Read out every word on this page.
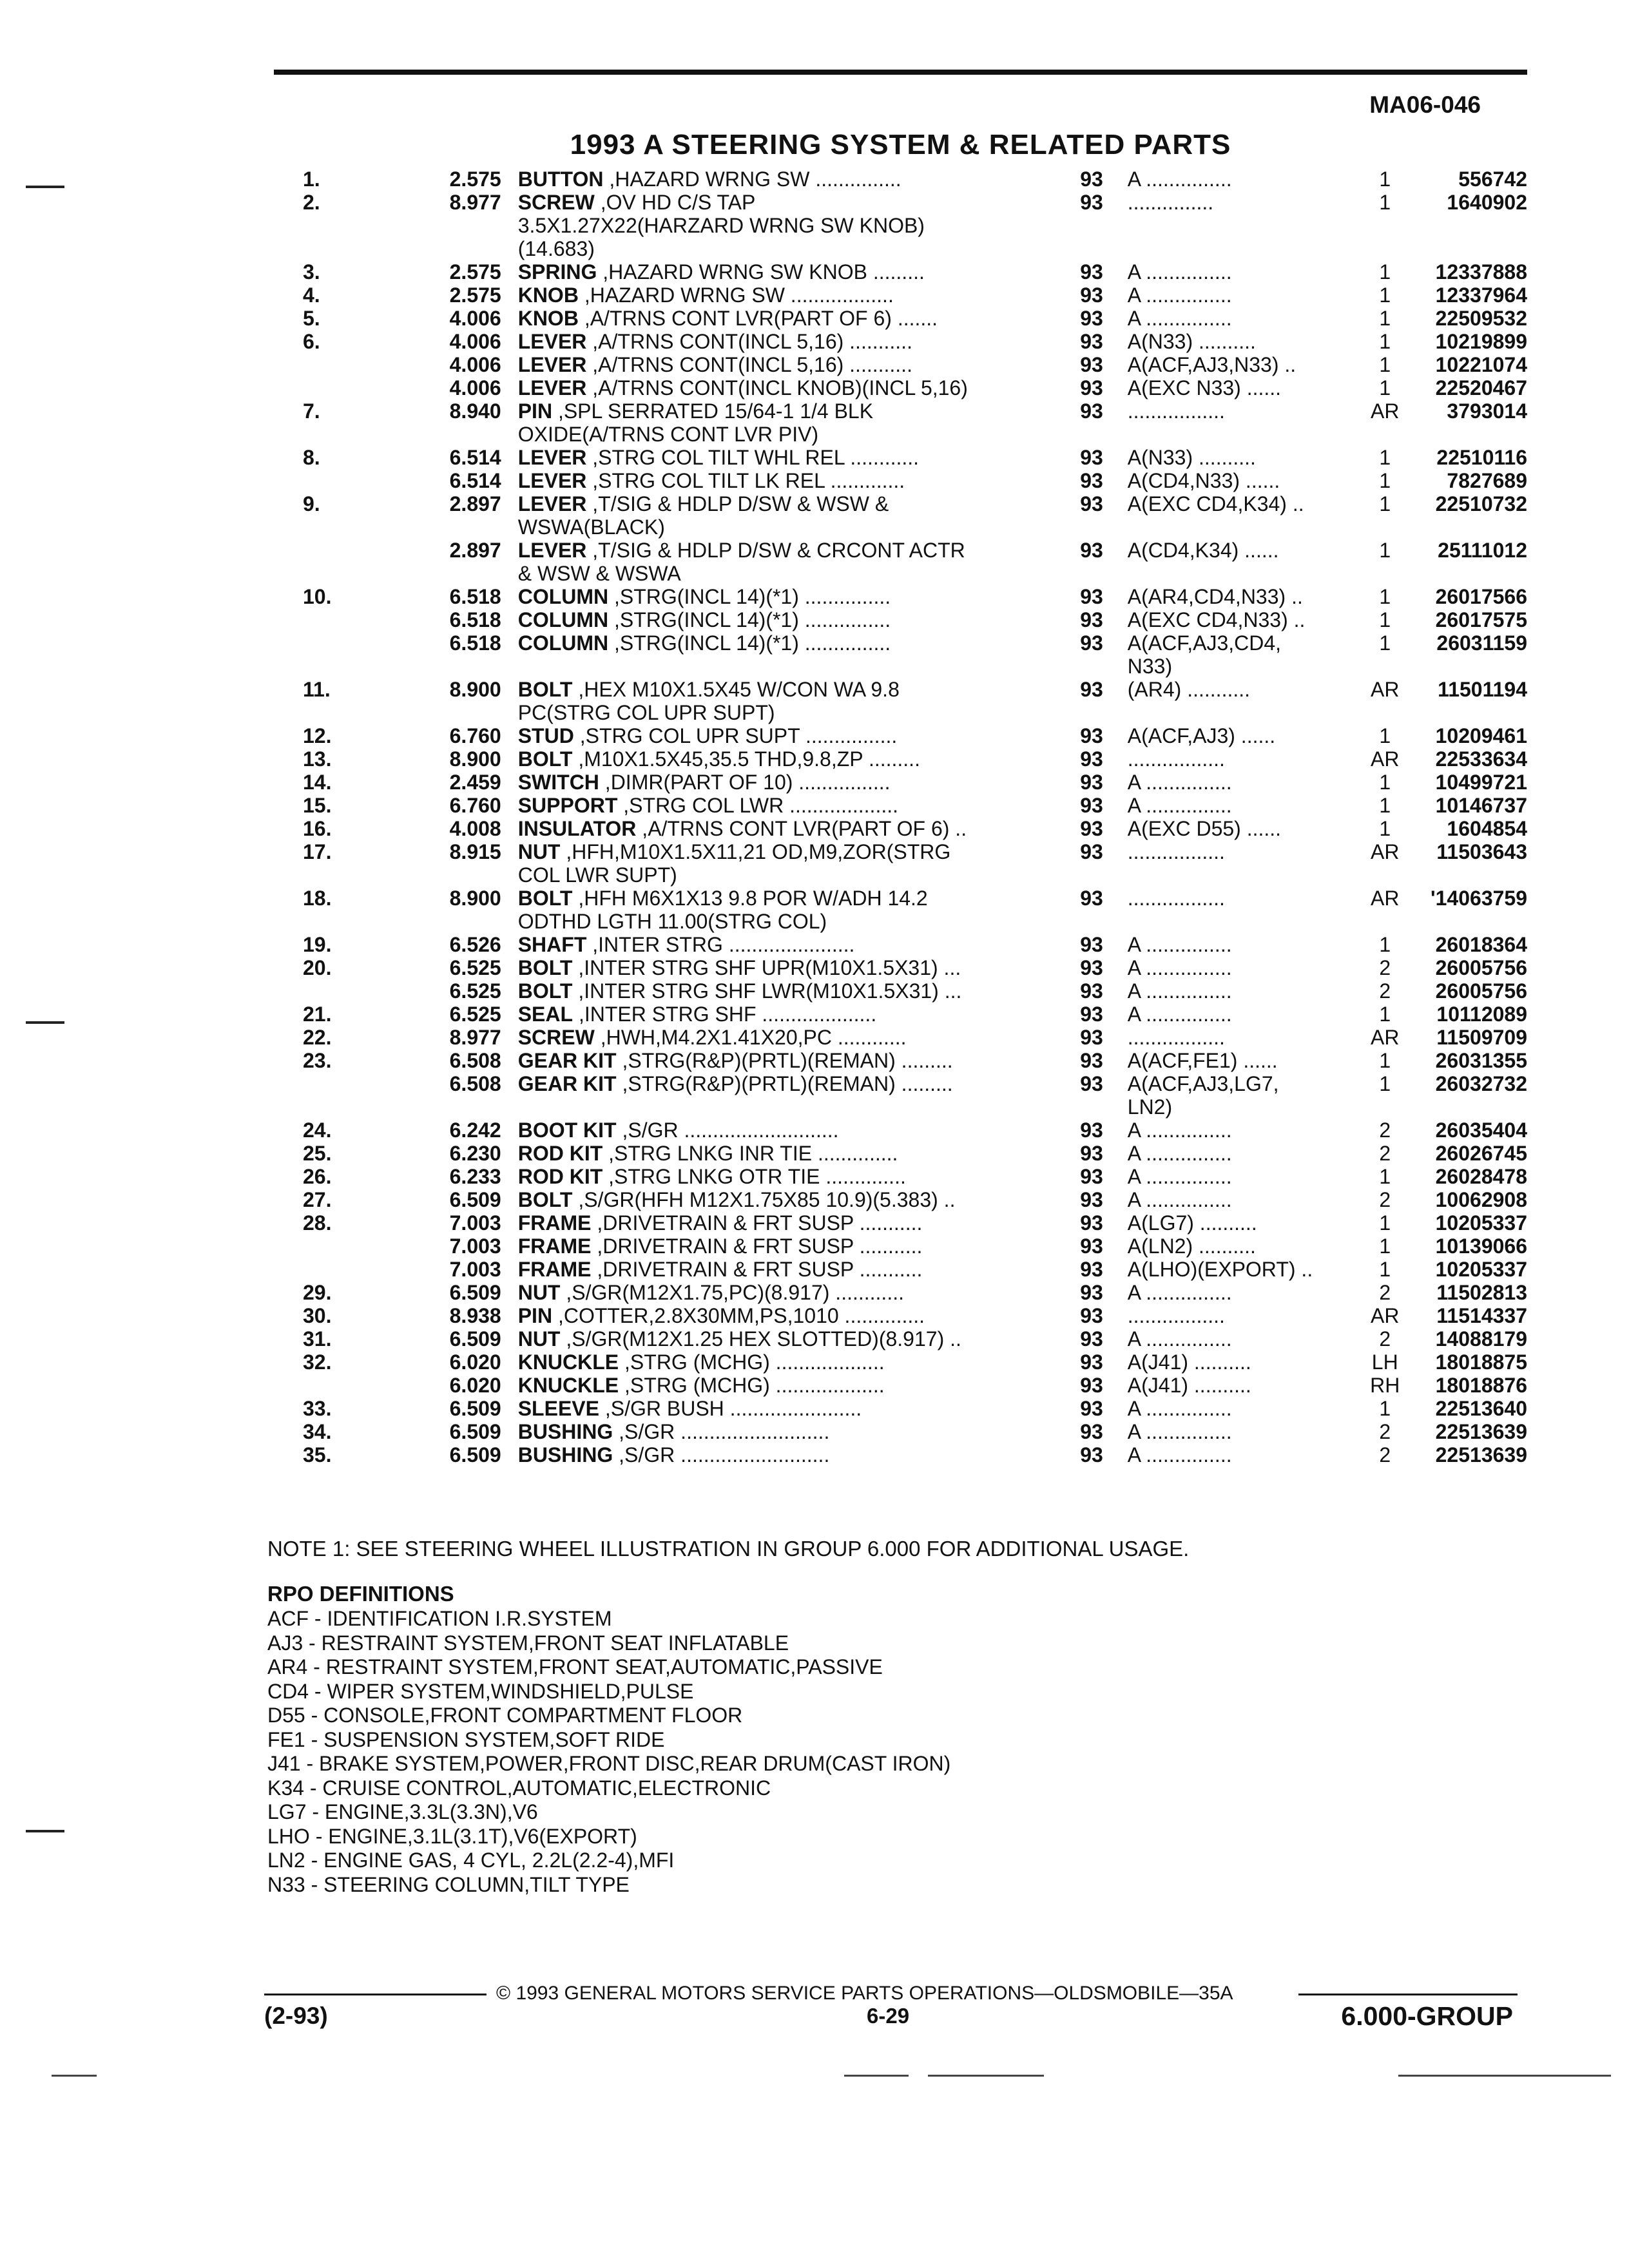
MA06-046
1993 A STEERING SYSTEM & RELATED PARTS
1.	2.575	BUTTON ,HAZARD WRNG SW ...............	93	A ...............	1	556742
2.	8.977	SCREW ,OV HD C/S TAP	93	...............	1	1640902
		3.5X1.27X22(HARZARD WRNG SW KNOB)				
		(14.683)				
3.	2.575	SPRING ,HAZARD WRNG SW KNOB .........	93	A ...............	1	12337888
4.	2.575	KNOB ,HAZARD WRNG SW ..................	93	A ...............	1	12337964
5.	4.006	KNOB ,A/TRNS CONT LVR(PART OF 6) .......	93	A ...............	1	22509532
6.	4.006	LEVER ,A/TRNS CONT(INCL 5,16) ...........	93	A(N33) ..........	1	10219899
	4.006	LEVER ,A/TRNS CONT(INCL 5,16) ...........	93	A(ACF,AJ3,N33) ..	1	10221074
	4.006	LEVER ,A/TRNS CONT(INCL KNOB)(INCL 5,16)	93	A(EXC N33) ......	1	22520467
7.	8.940	PIN ,SPL SERRATED 15/64-1 1/4 BLK	93	.................	AR	3793014
		OXIDE(A/TRNS CONT LVR PIV)				
8.	6.514	LEVER ,STRG COL TILT WHL REL ............	93	A(N33) ..........	1	22510116
	6.514	LEVER ,STRG COL TILT LK REL .............	93	A(CD4,N33) ......	1	7827689
9.	2.897	LEVER ,T/SIG & HDLP D/SW & WSW &	93	A(EXC CD4,K34) ..	1	22510732
		WSWA(BLACK)				
	2.897	LEVER ,T/SIG & HDLP D/SW & CRCONT ACTR	93	A(CD4,K34) ......	1	25111012
		& WSW & WSWA				
10.	6.518	COLUMN ,STRG(INCL 14)(*1) ...............	93	A(AR4,CD4,N33) ..	1	26017566
	6.518	COLUMN ,STRG(INCL 14)(*1) ...............	93	A(EXC CD4,N33) ..	1	26017575
	6.518	COLUMN ,STRG(INCL 14)(*1) ...............	93	A(ACF,AJ3,CD4,	1	26031159
				N33)		
11.	8.900	BOLT ,HEX M10X1.5X45 W/CON WA 9.8	93	(AR4) ...........	AR	11501194
		PC(STRG COL UPR SUPT)				
12.	6.760	STUD ,STRG COL UPR SUPT ................	93	A(ACF,AJ3) ......	1	10209461
13.	8.900	BOLT ,M10X1.5X45,35.5 THD,9.8,ZP .........	93	.................	AR	22533634
14.	2.459	SWITCH ,DIMR(PART OF 10) ................	93	A ...............	1	10499721
15.	6.760	SUPPORT ,STRG COL LWR ...................	93	A ...............	1	10146737
16.	4.008	INSULATOR ,A/TRNS CONT LVR(PART OF 6) ..	93	A(EXC D55) ......	1	1604854
17.	8.915	NUT ,HFH,M10X1.5X11,21 OD,M9,ZOR(STRG	93	.................	AR	11503643
		COL LWR SUPT)				
18.	8.900	BOLT ,HFH M6X1X13 9.8 POR W/ADH 14.2	93	.................	AR	'14063759
		ODTHD LGTH 11.00(STRG COL)				
19.	6.526	SHAFT ,INTER STRG ......................	93	A ...............	1	26018364
20.	6.525	BOLT ,INTER STRG SHF UPR(M10X1.5X31) ...	93	A ...............	2	26005756
	6.525	BOLT ,INTER STRG SHF LWR(M10X1.5X31) ...	93	A ...............	2	26005756
21.	6.525	SEAL ,INTER STRG SHF ....................	93	A ...............	1	10112089
22.	8.977	SCREW ,HWH,M4.2X1.41X20,PC ............	93	.................	AR	11509709
23.	6.508	GEAR KIT ,STRG(R&P)(PRTL)(REMAN) .........	93	A(ACF,FE1) ......	1	26031355
	6.508	GEAR KIT ,STRG(R&P)(PRTL)(REMAN) .........	93	A(ACF,AJ3,LG7,	1	26032732
				LN2)		
24.	6.242	BOOT KIT ,S/GR ...........................	93	A ...............	2	26035404
25.	6.230	ROD KIT ,STRG LNKG INR TIE ..............	93	A ...............	2	26026745
26.	6.233	ROD KIT ,STRG LNKG OTR TIE ..............	93	A ...............	1	26028478
27.	6.509	BOLT ,S/GR(HFH M12X1.75X85 10.9)(5.383) ..	93	A ...............	2	10062908
28.	7.003	FRAME ,DRIVETRAIN & FRT SUSP ...........	93	A(LG7) ..........	1	10205337
	7.003	FRAME ,DRIVETRAIN & FRT SUSP ...........	93	A(LN2) ..........	1	10139066
	7.003	FRAME ,DRIVETRAIN & FRT SUSP ...........	93	A(LHO)(EXPORT) ..	1	10205337
29.	6.509	NUT ,S/GR(M12X1.75,PC)(8.917) ............	93	A ...............	2	11502813
30.	8.938	PIN ,COTTER,2.8X30MM,PS,1010 ..............	93	.................	AR	11514337
31.	6.509	NUT ,S/GR(M12X1.25 HEX SLOTTED)(8.917) ..	93	A ...............	2	14088179
32.	6.020	KNUCKLE ,STRG (MCHG) ...................	93	A(J41) ..........	LH	18018875
	6.020	KNUCKLE ,STRG (MCHG) ...................	93	A(J41) ..........	RH	18018876
33.	6.509	SLEEVE ,S/GR BUSH .......................	93	A ...............	1	22513640
34.	6.509	BUSHING ,S/GR ..........................	93	A ...............	2	22513639
35.	6.509	BUSHING ,S/GR ..........................	93	A ...............	2	22513639
NOTE 1: SEE STEERING WHEEL ILLUSTRATION IN GROUP 6.000 FOR ADDITIONAL USAGE.
RPO DEFINITIONS
ACF - IDENTIFICATION I.R.SYSTEM
AJ3 - RESTRAINT SYSTEM,FRONT SEAT INFLATABLE
AR4 - RESTRAINT SYSTEM,FRONT SEAT,AUTOMATIC,PASSIVE
CD4 - WIPER SYSTEM,WINDSHIELD,PULSE
D55 - CONSOLE,FRONT COMPARTMENT FLOOR
FE1 - SUSPENSION SYSTEM,SOFT RIDE
J41 - BRAKE SYSTEM,POWER,FRONT DISC,REAR DRUM(CAST IRON)
K34 - CRUISE CONTROL,AUTOMATIC,ELECTRONIC
LG7 - ENGINE,3.3L(3.3N),V6
LHO - ENGINE,3.1L(3.1T),V6(EXPORT)
LN2 - ENGINE GAS, 4 CYL, 2.2L(2.2-4),MFI
N33 - STEERING COLUMN,TILT TYPE
© 1993 GENERAL MOTORS SERVICE PARTS OPERATIONS—OLDSMOBILE—35A
(2-93)	6-29	6.000-GROUP
